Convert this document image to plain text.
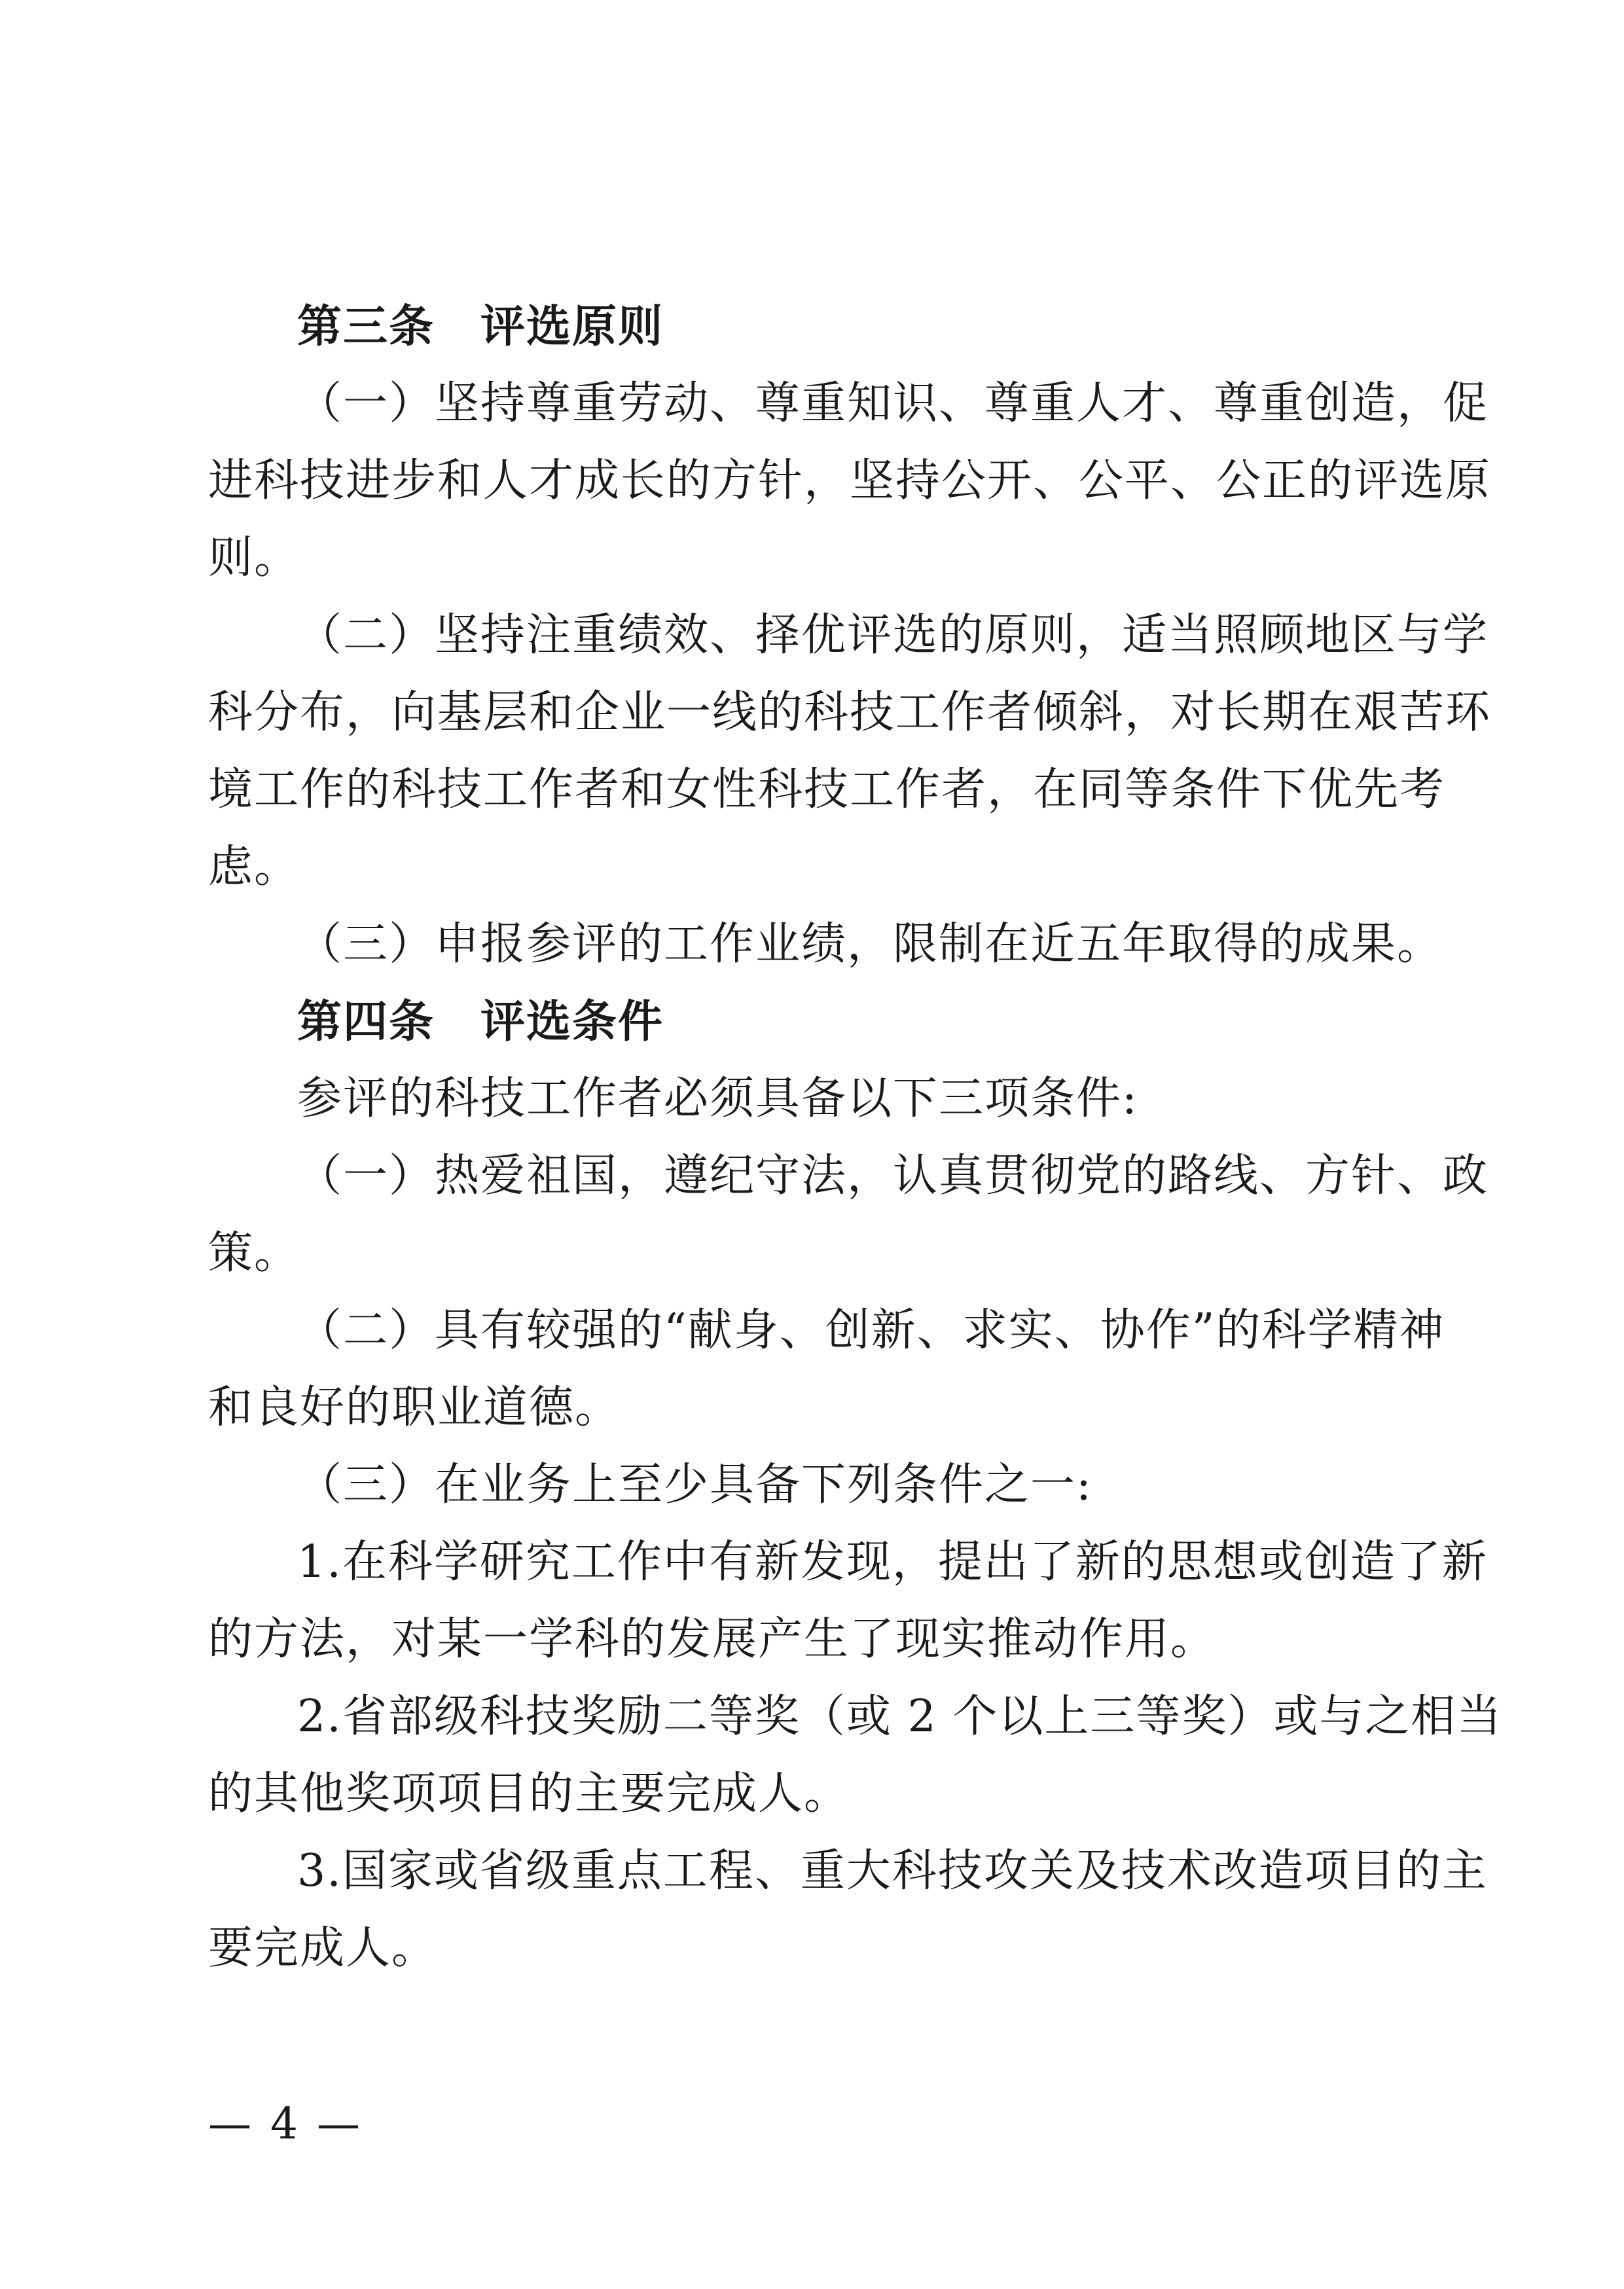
第三条　评选原则

（一）坚持尊重劳动、尊重知识、尊重人才、尊重创造，促

进科技进步和人才成长的方针，坚持公开、公平、公正的评选原

则。

（二）坚持注重绩效、择优评选的原则，适当照顾地区与学

科分布，向基层和企业一线的科技工作者倾斜，对长期在艰苦环

境工作的科技工作者和女性科技工作者，在同等条件下优先考

虑。

（三）申报参评的工作业绩，限制在近五年取得的成果。

第四条　评选条件

参评的科技工作者必须具备以下三项条件:

（一）热爱祖国，遵纪守法，认真贯彻党的路线、方针、政

策。

（二）具有较强的“献身、创新、求实、协作”的科学精神

和良好的职业道德。

（三）在业务上至少具备下列条件之一:

1.在科学研究工作中有新发现，提出了新的思想或创造了新

的方法，对某一学科的发展产生了现实推动作用。

2.省部级科技奖励二等奖（或 2 个以上三等奖）或与之相当

的其他奖项项目的主要完成人。

3.国家或省级重点工程、重大科技攻关及技术改造项目的主

要完成人。

— 4 —
